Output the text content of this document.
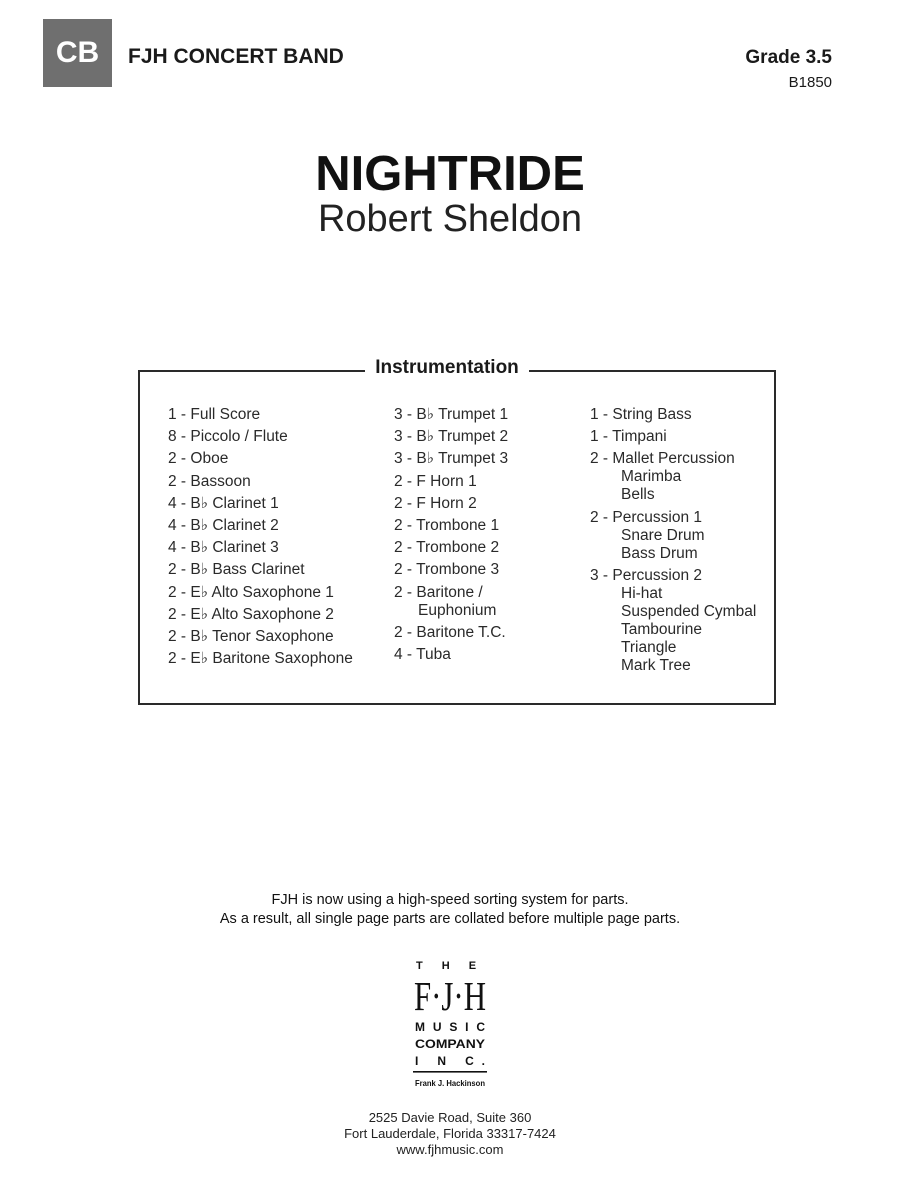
CB	FJH CONCERT BAND	Grade 3.5
B1850
NIGHTRIDE
Robert Sheldon
Instrumentation
1 - Full Score
8 - Piccolo / Flute
2 - Oboe
2 - Bassoon
4 - B♭ Clarinet 1
4 - B♭ Clarinet 2
4 - B♭ Clarinet 3
2 - B♭ Bass Clarinet
2 - E♭ Alto Saxophone 1
2 - E♭ Alto Saxophone 2
2 - B♭ Tenor Saxophone
2 - E♭ Baritone Saxophone
3 - B♭ Trumpet 1
3 - B♭ Trumpet 2
3 - B♭ Trumpet 3
2 - F Horn 1
2 - F Horn 2
2 - Trombone 1
2 - Trombone 2
2 - Trombone 3
2 - Baritone /
Euphonium
2 - Baritone T.C.
4 - Tuba
1 - String Bass
1 - Timpani
2 - Mallet Percussion
Marimba
Bells
2 - Percussion 1
Snare Drum
Bass Drum
3 - Percussion 2
Hi-hat
Suspended Cymbal
Tambourine
Triangle
Mark Tree
FJH is now using a high-speed sorting system for parts.
As a result, all single page parts are collated before multiple page parts.
T H E
F·J·H
MUSIC
COMPANY
I N C.
Frank J. Hackinson
2525 Davie Road, Suite 360
Fort Lauderdale, Florida 33317-7424
www.fjhmusic.com
